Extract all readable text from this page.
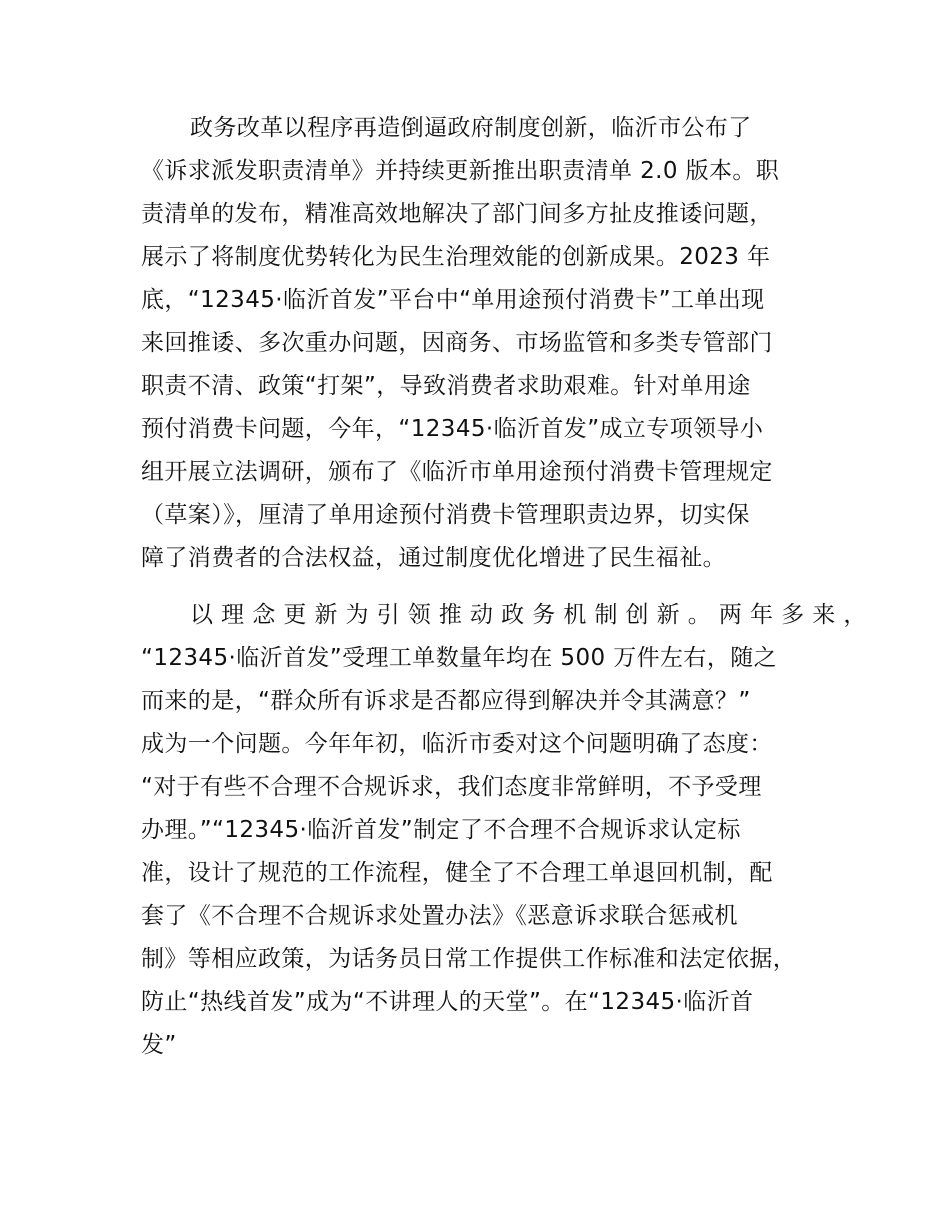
政务改革以程序再造倒逼政府制度创新，临沂市公布了
《诉求派发职责清单》并持续更新推出职责清单 2.0 版本。职
责清单的发布，精准高效地解决了部门间多方扯皮推诿问题，
展示了将制度优势转化为民生治理效能的创新成果。2023 年
底，“12345·临沂首发”平台中“单用途预付消费卡”工单出现
来回推诿、多次重办问题，因商务、市场监管和多类专管部门
职责不清、政策“打架”，导致消费者求助艰难。针对单用途
预付消费卡问题，今年，“12345·临沂首发”成立专项领导小
组开展立法调研，颁布了《临沂市单用途预付消费卡管理规定
（草案）》，厘清了单用途预付消费卡管理职责边界，切实保
障了消费者的合法权益，通过制度优化增进了民生福祉。
以 理 念 更 新 为 引 领 推 动 政 务 机 制 创 新 。 两 年 多 来 ，
“12345·临沂首发”受理工单数量年均在 500 万件左右，随之
而来的是，“群众所有诉求是否都应得到解决并令其满意？”
成为一个问题。今年年初，临沂市委对这个问题明确了态度：
“对于有些不合理不合规诉求，我们态度非常鲜明，不予受理
办理。”“12345·临沂首发”制定了不合理不合规诉求认定标
准，设计了规范的工作流程，健全了不合理工单退回机制，配
套了《不合理不合规诉求处置办法》《恶意诉求联合惩戒机
制》等相应政策，为话务员日常工作提供工作标准和法定依据，
防止“热线首发”成为“不讲理人的天堂”。在“12345·临沂首
发”
